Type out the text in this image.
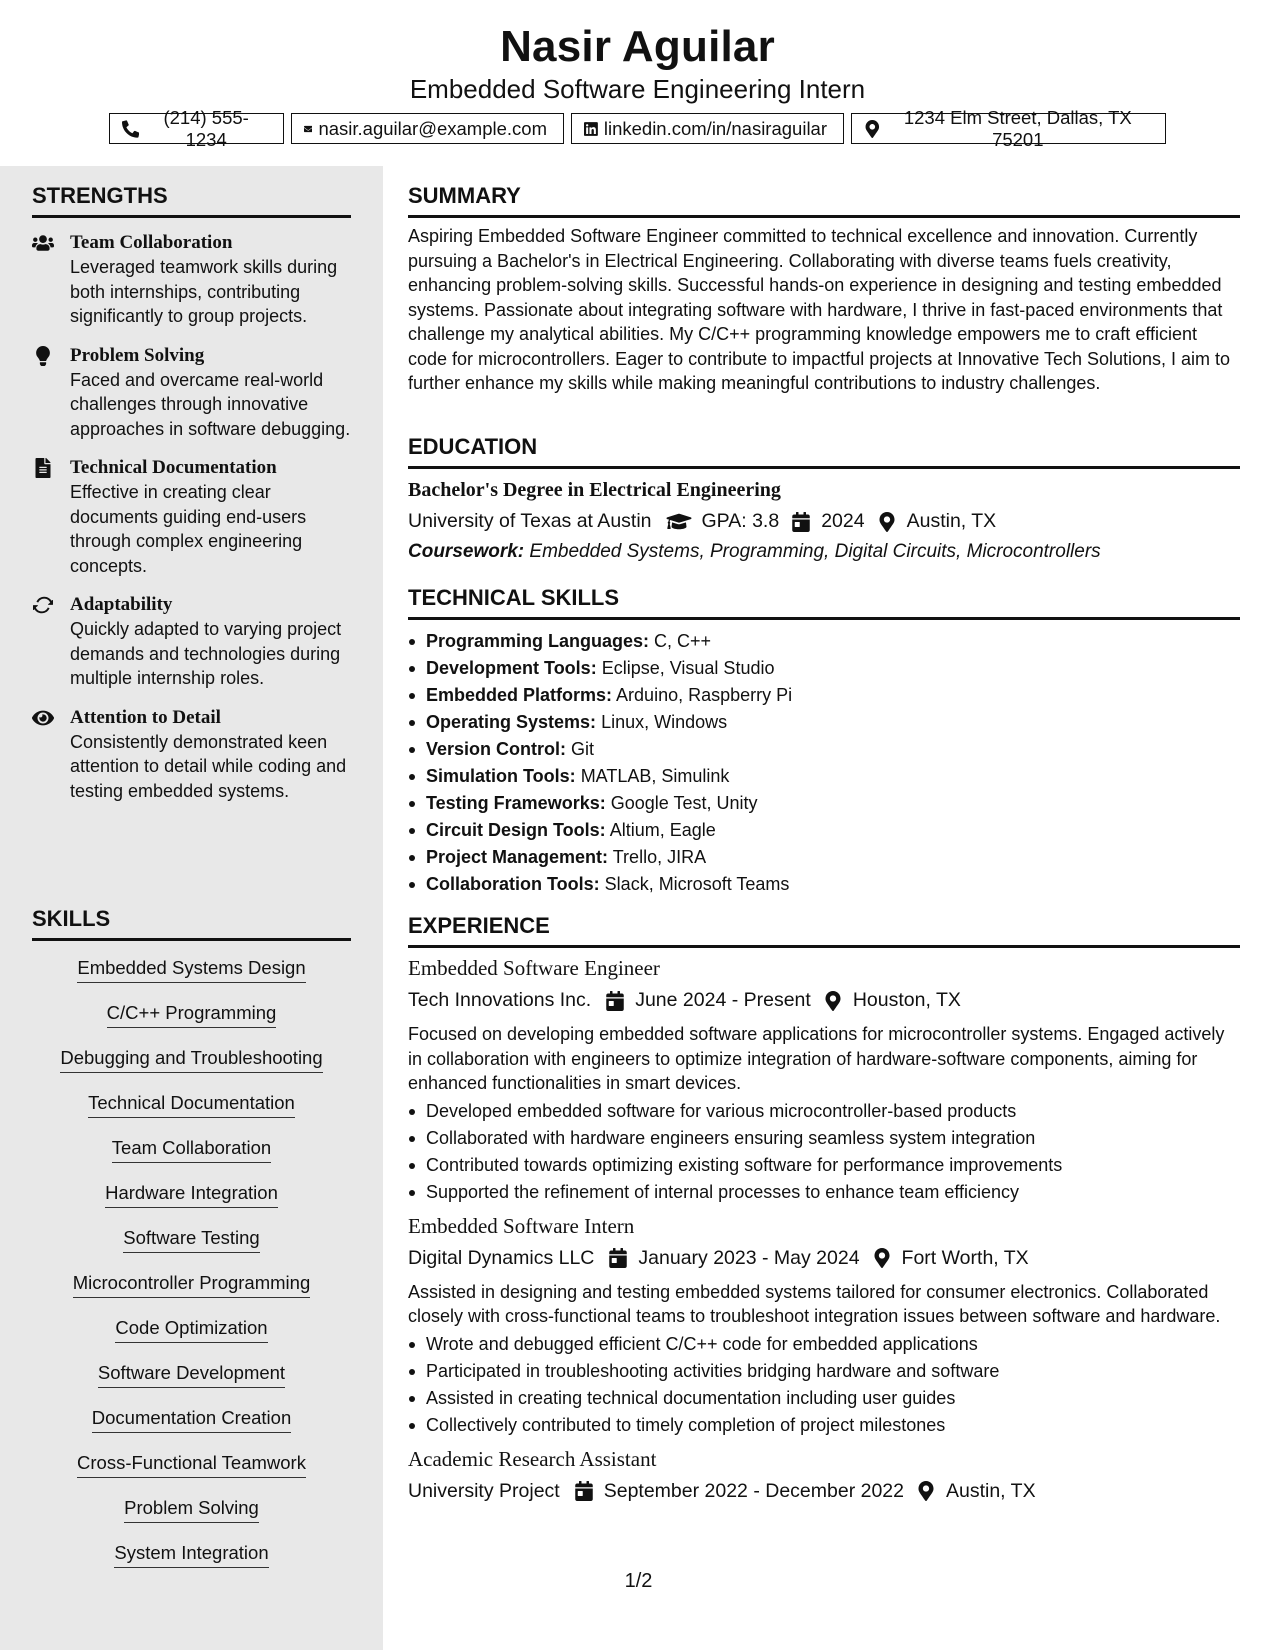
Nasir Aguilar
Embedded Software Engineering Intern
(214) 555-1234
nasir.aguilar@example.com	linkedin.com/in/nasiraguilar
1234 Elm Street, Dallas, TX 75201
STRENGTHS
Team Collaboration
Leveraged teamwork skills during both internships, contributing significantly to group projects.
Problem Solving
Faced and overcame real-world challenges through innovative approaches in software debugging.
Technical Documentation
Effective in creating clear documents guiding end-users through complex engineering concepts.
Adaptability
Quickly adapted to varying project demands and technologies during multiple internship roles.
Attention to Detail
Consistently demonstrated keen attention to detail while coding and testing embedded systems.
SKILLS
Embedded Systems Design
C/C++ Programming
Debugging and Troubleshooting
Technical Documentation
Team Collaboration
Hardware Integration
Software Testing
Microcontroller Programming
Code Optimization
Software Development
Documentation Creation
Cross-Functional Teamwork
Problem Solving
System Integration
SUMMARY
Aspiring Embedded Software Engineer committed to technical excellence and innovation. Currently pursuing a Bachelor's in Electrical Engineering. Collaborating with diverse teams fuels creativity, enhancing problem-solving skills. Successful hands-on experience in designing and testing embedded systems. Passionate about integrating software with hardware, I thrive in fast-paced environments that challenge my analytical abilities. My C/C++ programming knowledge empowers me to craft efficient code for microcontrollers. Eager to contribute to impactful projects at Innovative Tech Solutions, I aim to further enhance my skills while making meaningful contributions to industry challenges.
EDUCATION
Bachelor's Degree in Electrical Engineering
University of Texas at Austin	GPA: 3.8 2024 Austin, TX
Coursework: Embedded Systems, Programming, Digital Circuits, Microcontrollers
TECHNICAL SKILLS
Programming Languages: C, C++
Development Tools: Eclipse, Visual Studio
Embedded Platforms: Arduino, Raspberry Pi
Operating Systems: Linux, Windows
Version Control: Git
Simulation Tools: MATLAB, Simulink
Testing Frameworks: Google Test, Unity
Circuit Design Tools: Altium, Eagle
Project Management: Trello, JIRA
Collaboration Tools: Slack, Microsoft Teams
EXPERIENCE
Embedded Software Engineer
Tech Innovations Inc. June 2024 - Present Houston, TX
Focused on developing embedded software applications for microcontroller systems. Engaged actively in collaboration with engineers to optimize integration of hardware-software components, aiming for enhanced functionalities in smart devices.
Developed embedded software for various microcontroller-based products
Collaborated with hardware engineers ensuring seamless system integration
Contributed towards optimizing existing software for performance improvements
Supported the refinement of internal processes to enhance team efficiency
Embedded Software Intern
Digital Dynamics LLC January 2023 - May 2024 Fort Worth, TX
Assisted in designing and testing embedded systems tailored for consumer electronics. Collaborated closely with cross-functional teams to troubleshoot integration issues between software and hardware.
Wrote and debugged efficient C/C++ code for embedded applications
Participated in troubleshooting activities bridging hardware and software
Assisted in creating technical documentation including user guides
Collectively contributed to timely completion of project milestones
Academic Research Assistant
University Project September 2022 - December 2022 Austin, TX
1/2
